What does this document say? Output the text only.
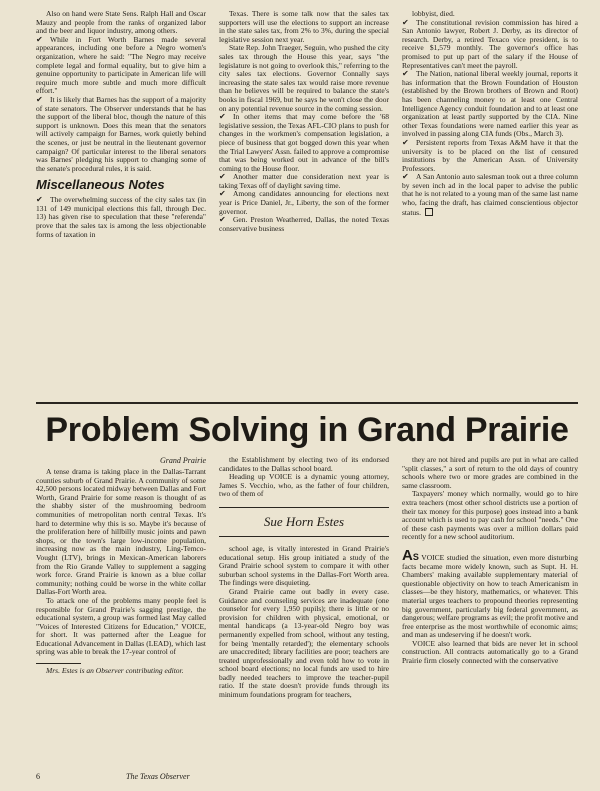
Also on hand were State Sens. Ralph Hall and Oscar Mauzy and people from the ranks of organized labor and the beer and liquor industry, among others.

✔ While in Fort Worth Barnes made several appearances, including one before a Negro women's organization, where he said: "The Negro may receive complete legal and formal equality, but to give him a genuine opportunity to participate in American life will require much more subtle and much more difficult effort."

✔ It is likely that Barnes has the support of a majority of state senators. The Observer understands that he has the support of the liberal bloc, though the nature of this support is unknown. Does this mean that the senators will actively campaign for Barnes, work quietly behind the scenes, or just be neutral in the lieutenant governor campaign? Of particular interest to the liberal senators was Barnes' pledging his support to changing some of the senate's procedural rules, it is said.

Miscellaneous Notes

✔ The overwhelming success of the city sales tax (in 131 of 149 municipal elections this fall, through Dec. 13) has given rise to speculation that these "referenda" prove that the sales tax is among the less objectionable forms of taxation in

Texas. There is some talk now that the sales tax supporters will use the elections to support an increase in the state sales tax, from 2% to 3%, during the special legislative session next year.

State Rep. John Traeger, Seguin, who pushed the city sales tax through the House this year, says "the legislature is not going to overlook this," referring to the city sales tax elections. Governor Connally says increasing the state sales tax would raise more revenue than he believes will be required to balance the state's books in fiscal 1969, but he says he won't close the door on any potential revenue source in the coming session.

✔ In other items that may come before the '68 legislative session, the Texas AFL-CIO plans to push for changes in the workmen's compensation legislation, a piece of business that got bogged down this year when the Trial Lawyers' Assn. failed to approve a compromise that was being worked out in advance of the bill's coming to the House floor.

✔ Another matter due consideration next year is taking Texas off of daylight saving time.

✔ Among candidates announcing for elections next year is Price Daniel, Jr., Liberty, the son of the former governor.

✔ Gen. Preston Weatherred, Dallas, the noted Texas conservative business

lobbyist, died.

✔ The constitutional revision commission has hired a San Antonio lawyer, Robert J. Derby, as its director of research. Derby, a retired Texaco vice president, is to receive $1,579 monthly. The governor's office has promised to put up part of the salary if the House of Representatives can't meet the payroll.

✔ The Nation, national liberal weekly journal, reports it has information that the Brown Foundation of Houston (established by the Brown brothers of Brown and Root) has been channeling money to at least one Central Intelligence Agency conduit foundation and to at least one organization at least partly supported by the CIA. Nine other Texas foundations were named earlier this year as involved in passing along CIA funds (Obs., March 3).

✔ Persistent reports from Texas A&M have it that the university is to be placed on the list of censured institutions by the American Assn. of University Professors.

✔ A San Antonio auto salesman took out a three column by seven inch ad in the local paper to advise the public that he is not related to a young man of the same last name who, facing the draft, has claimed conscientious objector status.

Problem Solving in Grand Prairie
Grand Prairie

A tense drama is taking place in the Dallas-Tarrant counties suburb of Grand Prairie. A community of some 42,500 persons located midway between Dallas and Fort Worth, Grand Prairie for some reason is thought of as the shabby sister of the mushrooming bedroom communities of metropolitan north central Texas. It's hard to determine why this is so. Maybe it's because of the proliferation here of hillbilly music joints and pawn shops, or the town's large low-income population, increasing now as the main industry, Ling-Temco-Vought (LTV), brings in Mexican-American laborers from the Rio Grande Valley to supplement a sagging work force. Grand Prairie is known as a blue collar community; nothing could be worse in the white collar Dallas-Fort Worth area.

To attack one of the problems many people feel is responsible for Grand Prairie's sagging prestige, the educational system, a group was formed last May called "Voices of Interested Citizens for Education," VOICE, for short. It was patterned after the League for Educational Advancement in Dallas (LEAD), which last spring was able to break the 17-year control of

Mrs. Estes is an Observer contributing editor.

the Establishment by electing two of its endorsed candidates to the Dallas school board.

Heading up VOICE is a dynamic young attorney, James S. Vecchio, who, as the father of four children, two of them of

Sue Horn Estes

school age, is vitally interested in Grand Prairie's educational setup. His group initiated a study of the Grand Prairie school system to compare it with other suburban school systems in the Dallas-Fort Worth area. The findings were disquieting.

Grand Prairie came out badly in every case. Guidance and counseling services are inadequate (one counselor for every 1,950 pupils); there is little or no provision for children with physical, emotional, or mental handicaps (a 13-year-old Negro boy was permanently expelled from school, without any testing, for being 'mentally retarded'); the elementary schools are unaccredited; library facilities are poor; teachers are treated unprofessionally and even told how to vote in school board elections; no local funds are used to hire badly needed teachers to improve the teacher-pupil ratio. If the state doesn't provide funds through its minimum foundations program for teachers,

they are not hired and pupils are put in what are called "split classes," a sort of return to the old days of country schools where two or more grades are combined in the same classroom.

Taxpayers' money which normally, would go to hire extra teachers (most other school districts use a portion of their tax money for this purpose) goes instead into a bank account which is used to pay cash for school "needs." One of these cash payments was over a million dollars paid recently for a new school auditorium.

AS VOICE studied the situation, even more disturbing facts became more widely known, such as Supt. H. H. Chambers' making available supplementary material of questionable objectivity on how to teach Americanism in classes—be they history, mathematics, or whatever. This material urges teachers to propound theories representing big government, particularly big federal government, as dangerous; welfare programs as evil; the profit motive and free enterprise as the most worthwhile of economic aims; and man as undeserving if he doesn't work.

VOICE also learned that bids are never let in school construction. All contracts automatically go to a Grand Prairie firm closely connected with the conservative

6	The Texas Observer
